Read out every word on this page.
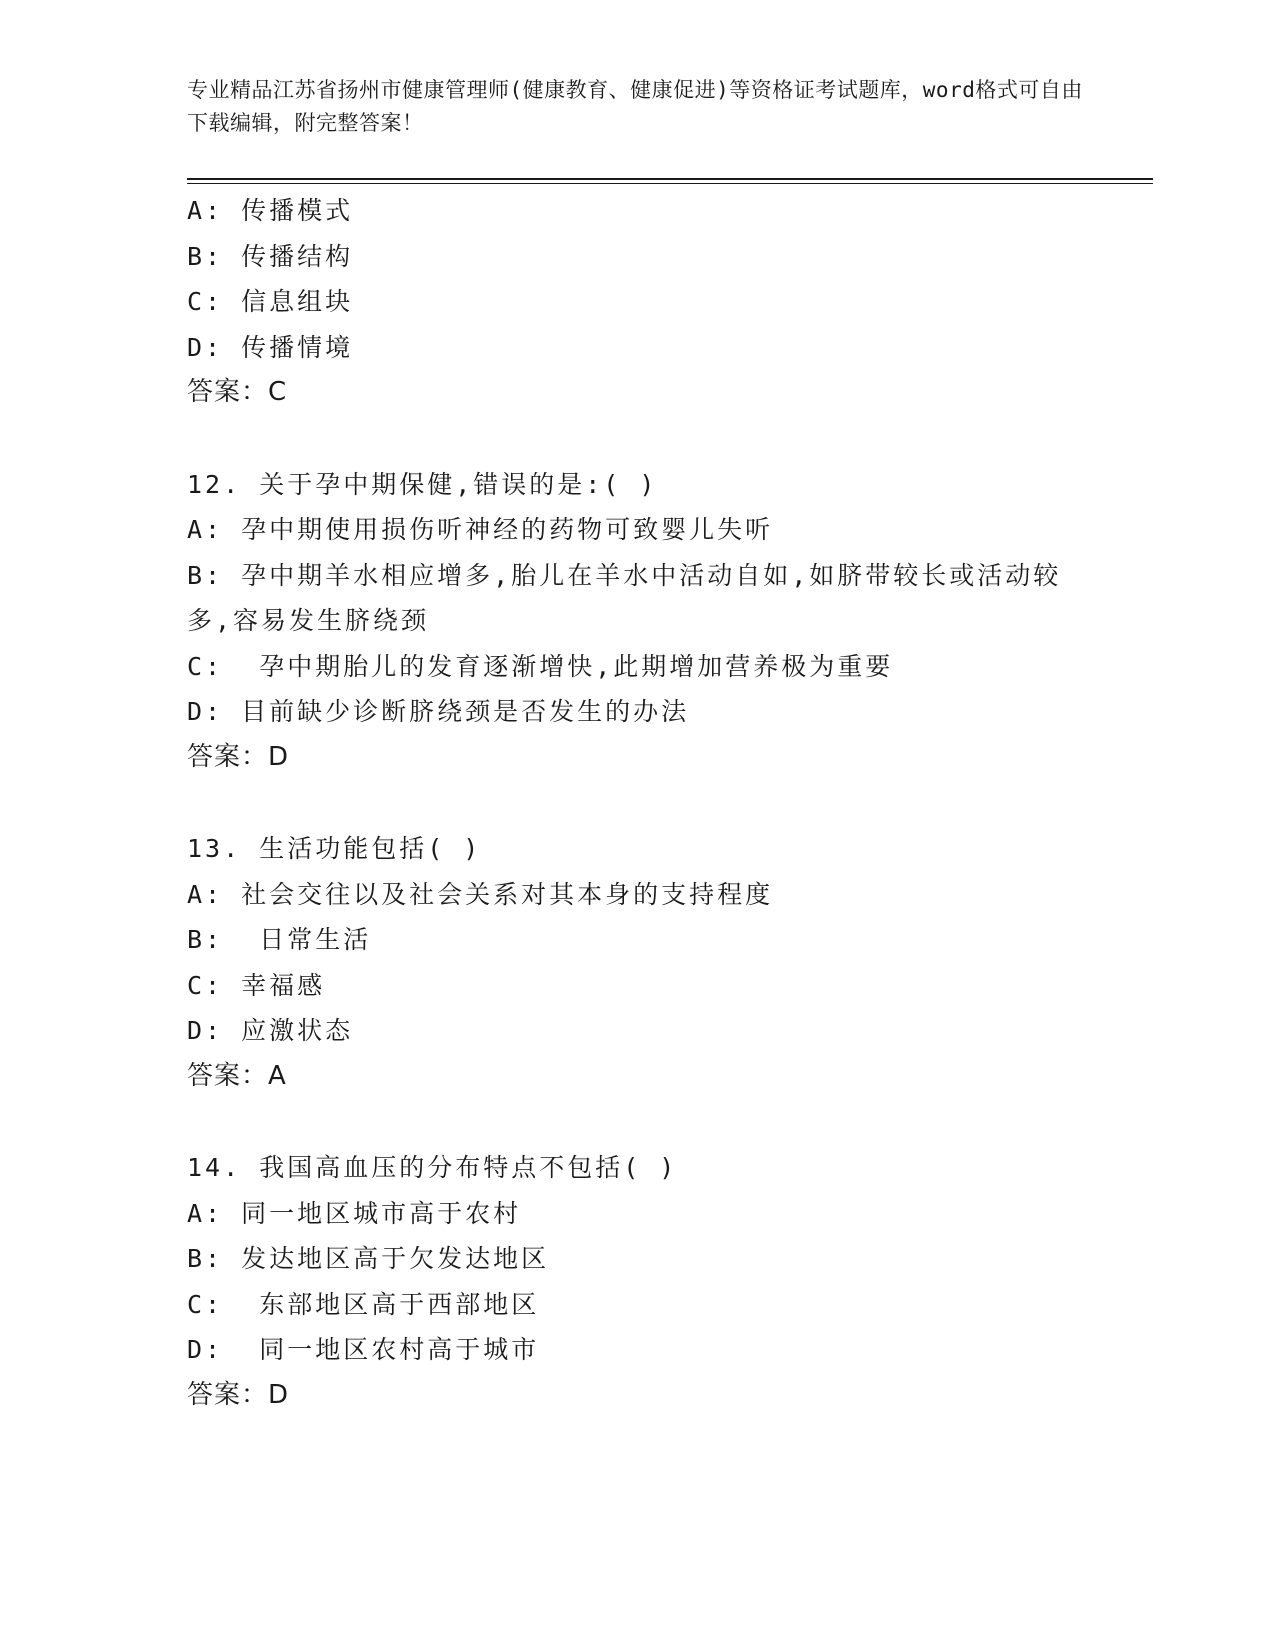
专业精品江苏省扬州市健康管理师(健康教育、健康促进)等资格证考试题库，word格式可自由下载编辑，附完整答案！
A: 传播模式
B: 传播结构
C: 信息组块
D: 传播情境
答案：C
12. 关于孕中期保健,错误的是:( )
A: 孕中期使用损伤听神经的药物可致婴儿失听
B: 孕中期羊水相应增多,胎儿在羊水中活动自如,如脐带较长或活动较多,容易发生脐绕颈
C:  孕中期胎儿的发育逐渐增快,此期增加营养极为重要
D: 目前缺少诊断脐绕颈是否发生的办法
答案：D
13. 生活功能包括( )
A: 社会交往以及社会关系对其本身的支持程度
B:  日常生活
C: 幸福感
D: 应激状态
答案：A
14. 我国高血压的分布特点不包括( )
A: 同一地区城市高于农村
B: 发达地区高于欠发达地区
C:  东部地区高于西部地区
D:  同一地区农村高于城市
答案：D
